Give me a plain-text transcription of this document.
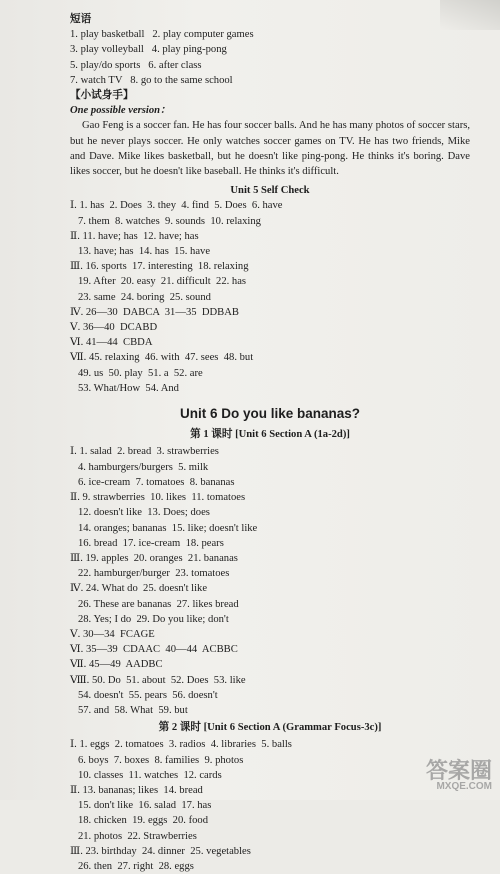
短语
1. play basketball   2. play computer games
3. play volleyball   4. play ping-pong
5. play/do sports   6. after class
7. watch TV   8. go to the same school
【小试身手】
One possible version：
Gao Feng is a soccer fan. He has four soccer balls. And he has many photos of soccer stars, but he never plays soccer. He only watches soccer games on TV. He has two friends, Mike and Dave. Mike likes basketball, but he doesn't like ping-pong. He thinks it's boring. Dave likes soccer, but he doesn't like baseball. He thinks it's difficult.
Unit 5 Self Check
Ⅰ. 1. has  2. Does  3. they  4. find  5. Does  6. have
7. them  8. watches  9. sounds  10. relaxing
Ⅱ. 11. have; has  12. have; has
13. have; has  14. has  15. have
Ⅲ. 16. sports  17. interesting  18. relaxing
19. After  20. easy  21. difficult  22. has
23. same  24. boring  25. sound
Ⅳ. 26—30  DABCA  31—35  DDBAB
Ⅴ. 36—40  DCABD
Ⅵ. 41—44  CBDA
Ⅶ. 45. relaxing  46. with  47. sees  48. but
49. us  50. play  51. a  52. are
53. What/How  54. And
Unit 6 Do you like bananas?
第 1 课时 [Unit 6 Section A (1a-2d)]
Ⅰ. 1. salad  2. bread  3. strawberries
4. hamburgers/burgers  5. milk
6. ice-cream  7. tomatoes  8. bananas
Ⅱ. 9. strawberries  10. likes  11. tomatoes
12. doesn't like  13. Does; does
14. oranges; bananas  15. like; doesn't like
16. bread  17. ice-cream  18. pears
Ⅲ. 19. apples  20. oranges  21. bananas
22. hamburger/burger  23. tomatoes
Ⅳ. 24. What do  25. doesn't like
26. These are bananas  27. likes bread
28. Yes; I do  29. Do you like; don't
Ⅴ. 30—34  FCAGE
Ⅵ. 35—39  CDAAC  40—44  ACBBC
Ⅶ. 45—49  AADBC
Ⅷ. 50. Do  51. about  52. Does  53. like
54. doesn't  55. pears  56. doesn't
57. and  58. What  59. but
第 2 课时 [Unit 6 Section A (Grammar Focus-3c)]
Ⅰ. 1. eggs  2. tomatoes  3. radios  4. libraries  5. balls
6. boys  7. boxes  8. families  9. photos
10. classes  11. watches  12. cards
Ⅱ. 13. bananas; likes  14. bread
15. don't like  16. salad  17. has
18. chicken  19. eggs  20. food
21. photos  22. Strawberries
Ⅲ. 23. birthday  24. dinner  25. vegetables
26. then  27. right  28. eggs
答案圈
MXQE.COM
